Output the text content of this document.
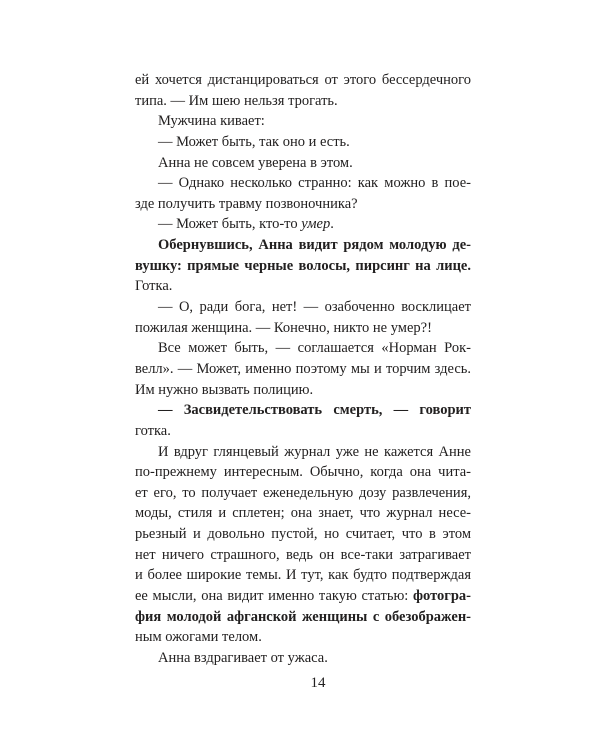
ей хочется дистанцироваться от этого бессердечного
типа. — Им шею нельзя трогать.
Мужчина кивает:
— Может быть, так оно и есть.
Анна не совсем уверена в этом.
— Однако несколько странно: как можно в пое-
зде получить травму позвоночника?
— Может быть, кто-то умер.
Обернувшись, Анна видит рядом молодую де-
вушку: прямые черные волосы, пирсинг на лице.
Готка.
— О, ради бога, нет! — озабоченно восклицает
пожилая женщина. — Конечно, никто не умер?!
Все может быть, — соглашается «Норман Рок-
велл». — Может, именно поэтому мы и торчим здесь.
Им нужно вызвать полицию.
— Засвидетельствовать смерть, — говорит
готка.
И вдруг глянцевый журнал уже не кажется Анне
по-прежнему интересным. Обычно, когда она чита-
ет его, то получает еженедельную дозу развлечения,
моды, стиля и сплетен; она знает, что журнал несе-
рьезный и довольно пустой, но считает, что в этом
нет ничего страшного, ведь он все-таки затрагивает
и более широкие темы. И тут, как будто подтверждая
ее мысли, она видит именно такую статью: фотогра-
фия молодой афганской женщины с обезображен-
ным ожогами телом.
Анна вздрагивает от ужаса.
14
